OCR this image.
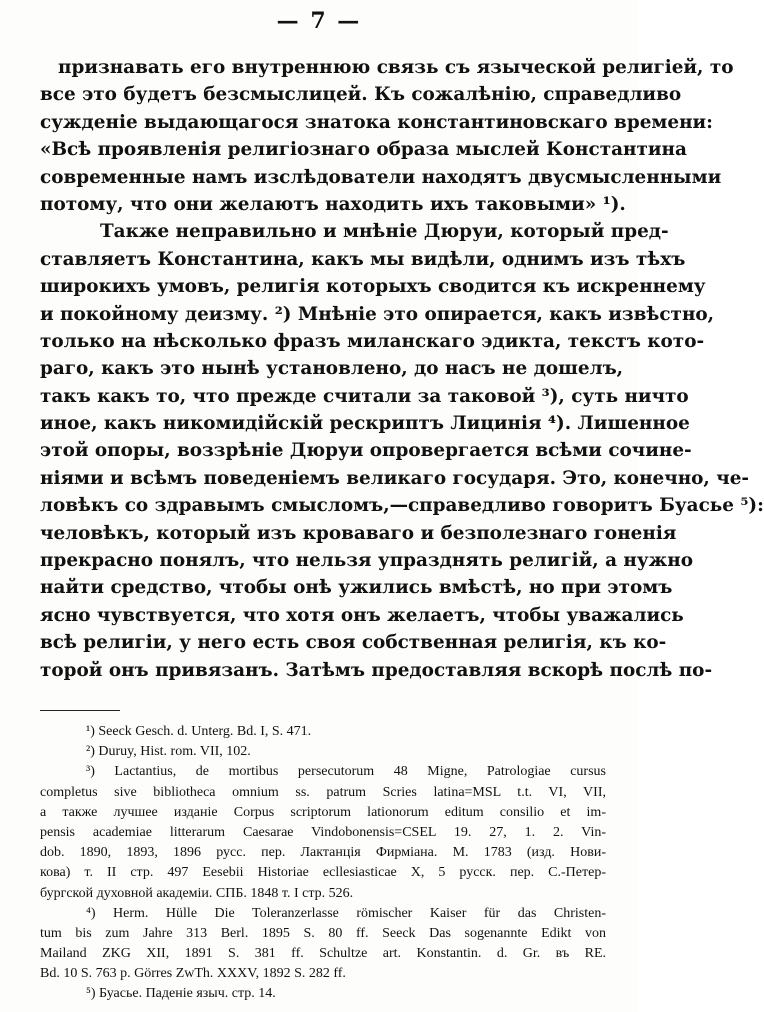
— 7 —
признавать его внутреннюю связь съ языческой религіей, то
все это будетъ безсмыслицей. Къ сожалѣнію, справедливо
сужденіе выдающагося знатока константиновскаго времени:
«Всѣ проявленія религіознаго образа мыслей Константина
современные намъ изслѣдователи находятъ двусмысленными
потому, что они желаютъ находить ихъ таковыми» ¹).
Также неправильно и мнѣніе Дюруи, который пред-
ставляетъ Константина, какъ мы видѣли, однимъ изъ тѣхъ
широкихъ умовъ, религія которыхъ сводится къ искреннему
и покойному деизму. ²) Мнѣніе это опирается, какъ извѣстно,
только на нѣсколько фразъ миланскаго эдикта, текстъ кото-
раго, какъ это нынѣ установлено, до насъ не дошелъ,
такъ какъ то, что прежде считали за таковой ³), суть ничто
иное, какъ никомидійскій рескриптъ Лицинія ⁴). Лишенное
этой опоры, воззрѣніе Дюруи опровергается всѣми сочине-
ніями и всѣмъ поведеніемъ великаго государя. Это, конечно, че-
ловѣкъ со здравымъ смысломъ,—справедливо говоритъ Буасье ⁵):
человѣкъ, который изъ кроваваго и безполезнаго гоненія
прекрасно понялъ, что нельзя упразднять религій, а нужно
найти средство, чтобы онѣ ужились вмѣстѣ, но при этомъ
ясно чувствуется, что хотя онъ желаетъ, чтобы уважались
всѣ религіи, у него есть своя собственная религія, къ ко-
торой онъ привязанъ. Затѣмъ предоставляя вскорѣ послѣ по-
¹) Seeck Gesch. d. Unterg. Bd. I, S. 471.
²) Duruy, Hist. rom. VII, 102.
³) Lactantius, de mortibus persecutorum 48 Migne, Patrologiae cursus
completus sive bibliotheca omnium ss. patrum Scries latina=MSL t.t. VI, VII,
а также лучшее изданіе Corpus scriptorum lationorum editum consilio et im-
pensis academiae litterarum Caesarae Vindobonensis=CSEL 19. 27, 1. 2. Vin-
dob. 1890, 1893, 1896 русс. пер. Лактанція Фирміана. М. 1783 (изд. Нови-
кова) т. II стр. 497 Eesebii Historiae ecllesiasticae X, 5 русск. пер. С.-Петер-
бургской духовной академіи. СПБ. 1848 т. I стр. 526.
⁴) Herm. Hülle Die Toleranzerlasse römischer Kaiser für das Christen-
tum bis zum Jahre 313 Berl. 1895 S. 80 ff. Seeck Das sogenannte Edikt von
Mailand ZKG XII, 1891 S. 381 ff. Schultze art. Konstantin. d. Gr. въ RE.
Bd. 10 S. 763 p. Görres ZwTh. XXXV, 1892 S. 282 ff.
⁵) Буасье. Паденіе языч. стр. 14.
